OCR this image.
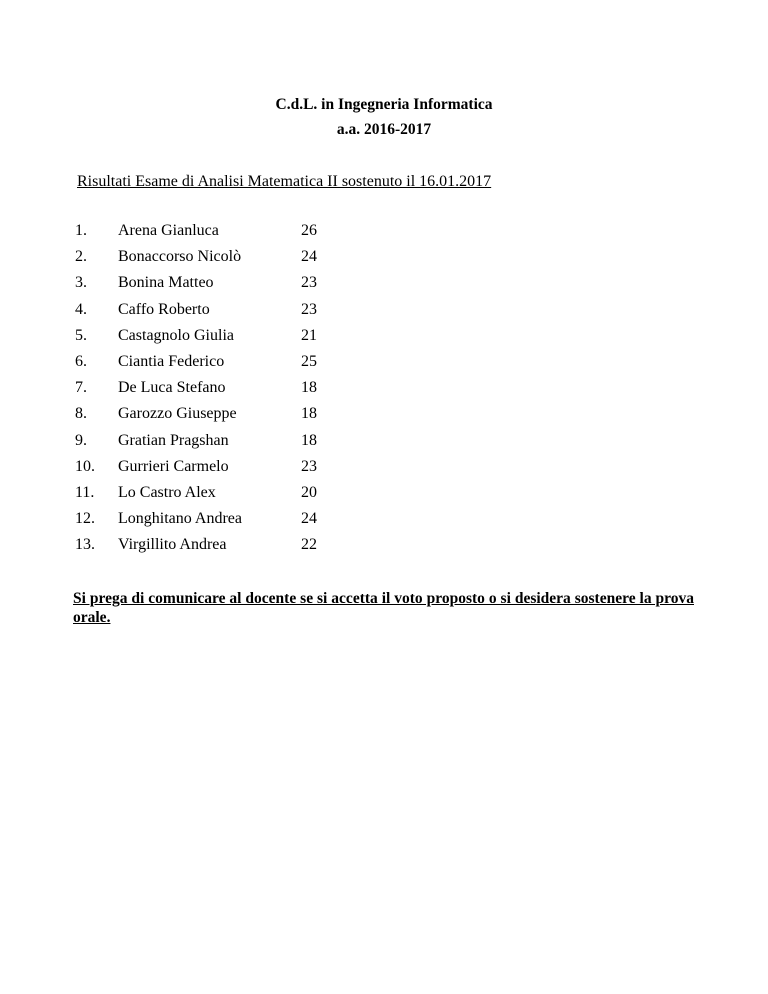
C.d.L. in Ingegneria Informatica
a.a. 2016-2017
Risultati Esame di Analisi Matematica II sostenuto il 16.01.2017
1. Arena Gianluca	26
2. Bonaccorso Nicolò	24
3. Bonina Matteo	23
4. Caffo Roberto	23
5. Castagnolo Giulia	21
6. Ciantia Federico	25
7. De Luca Stefano	18
8. Garozzo Giuseppe	18
9. Gratian Pragshan	18
10. Gurrieri Carmelo	23
11. Lo Castro Alex	20
12. Longhitano Andrea	24
13. Virgillito Andrea	22
Si prega di comunicare al docente se si accetta il voto proposto o si desidera sostenere la prova orale.
